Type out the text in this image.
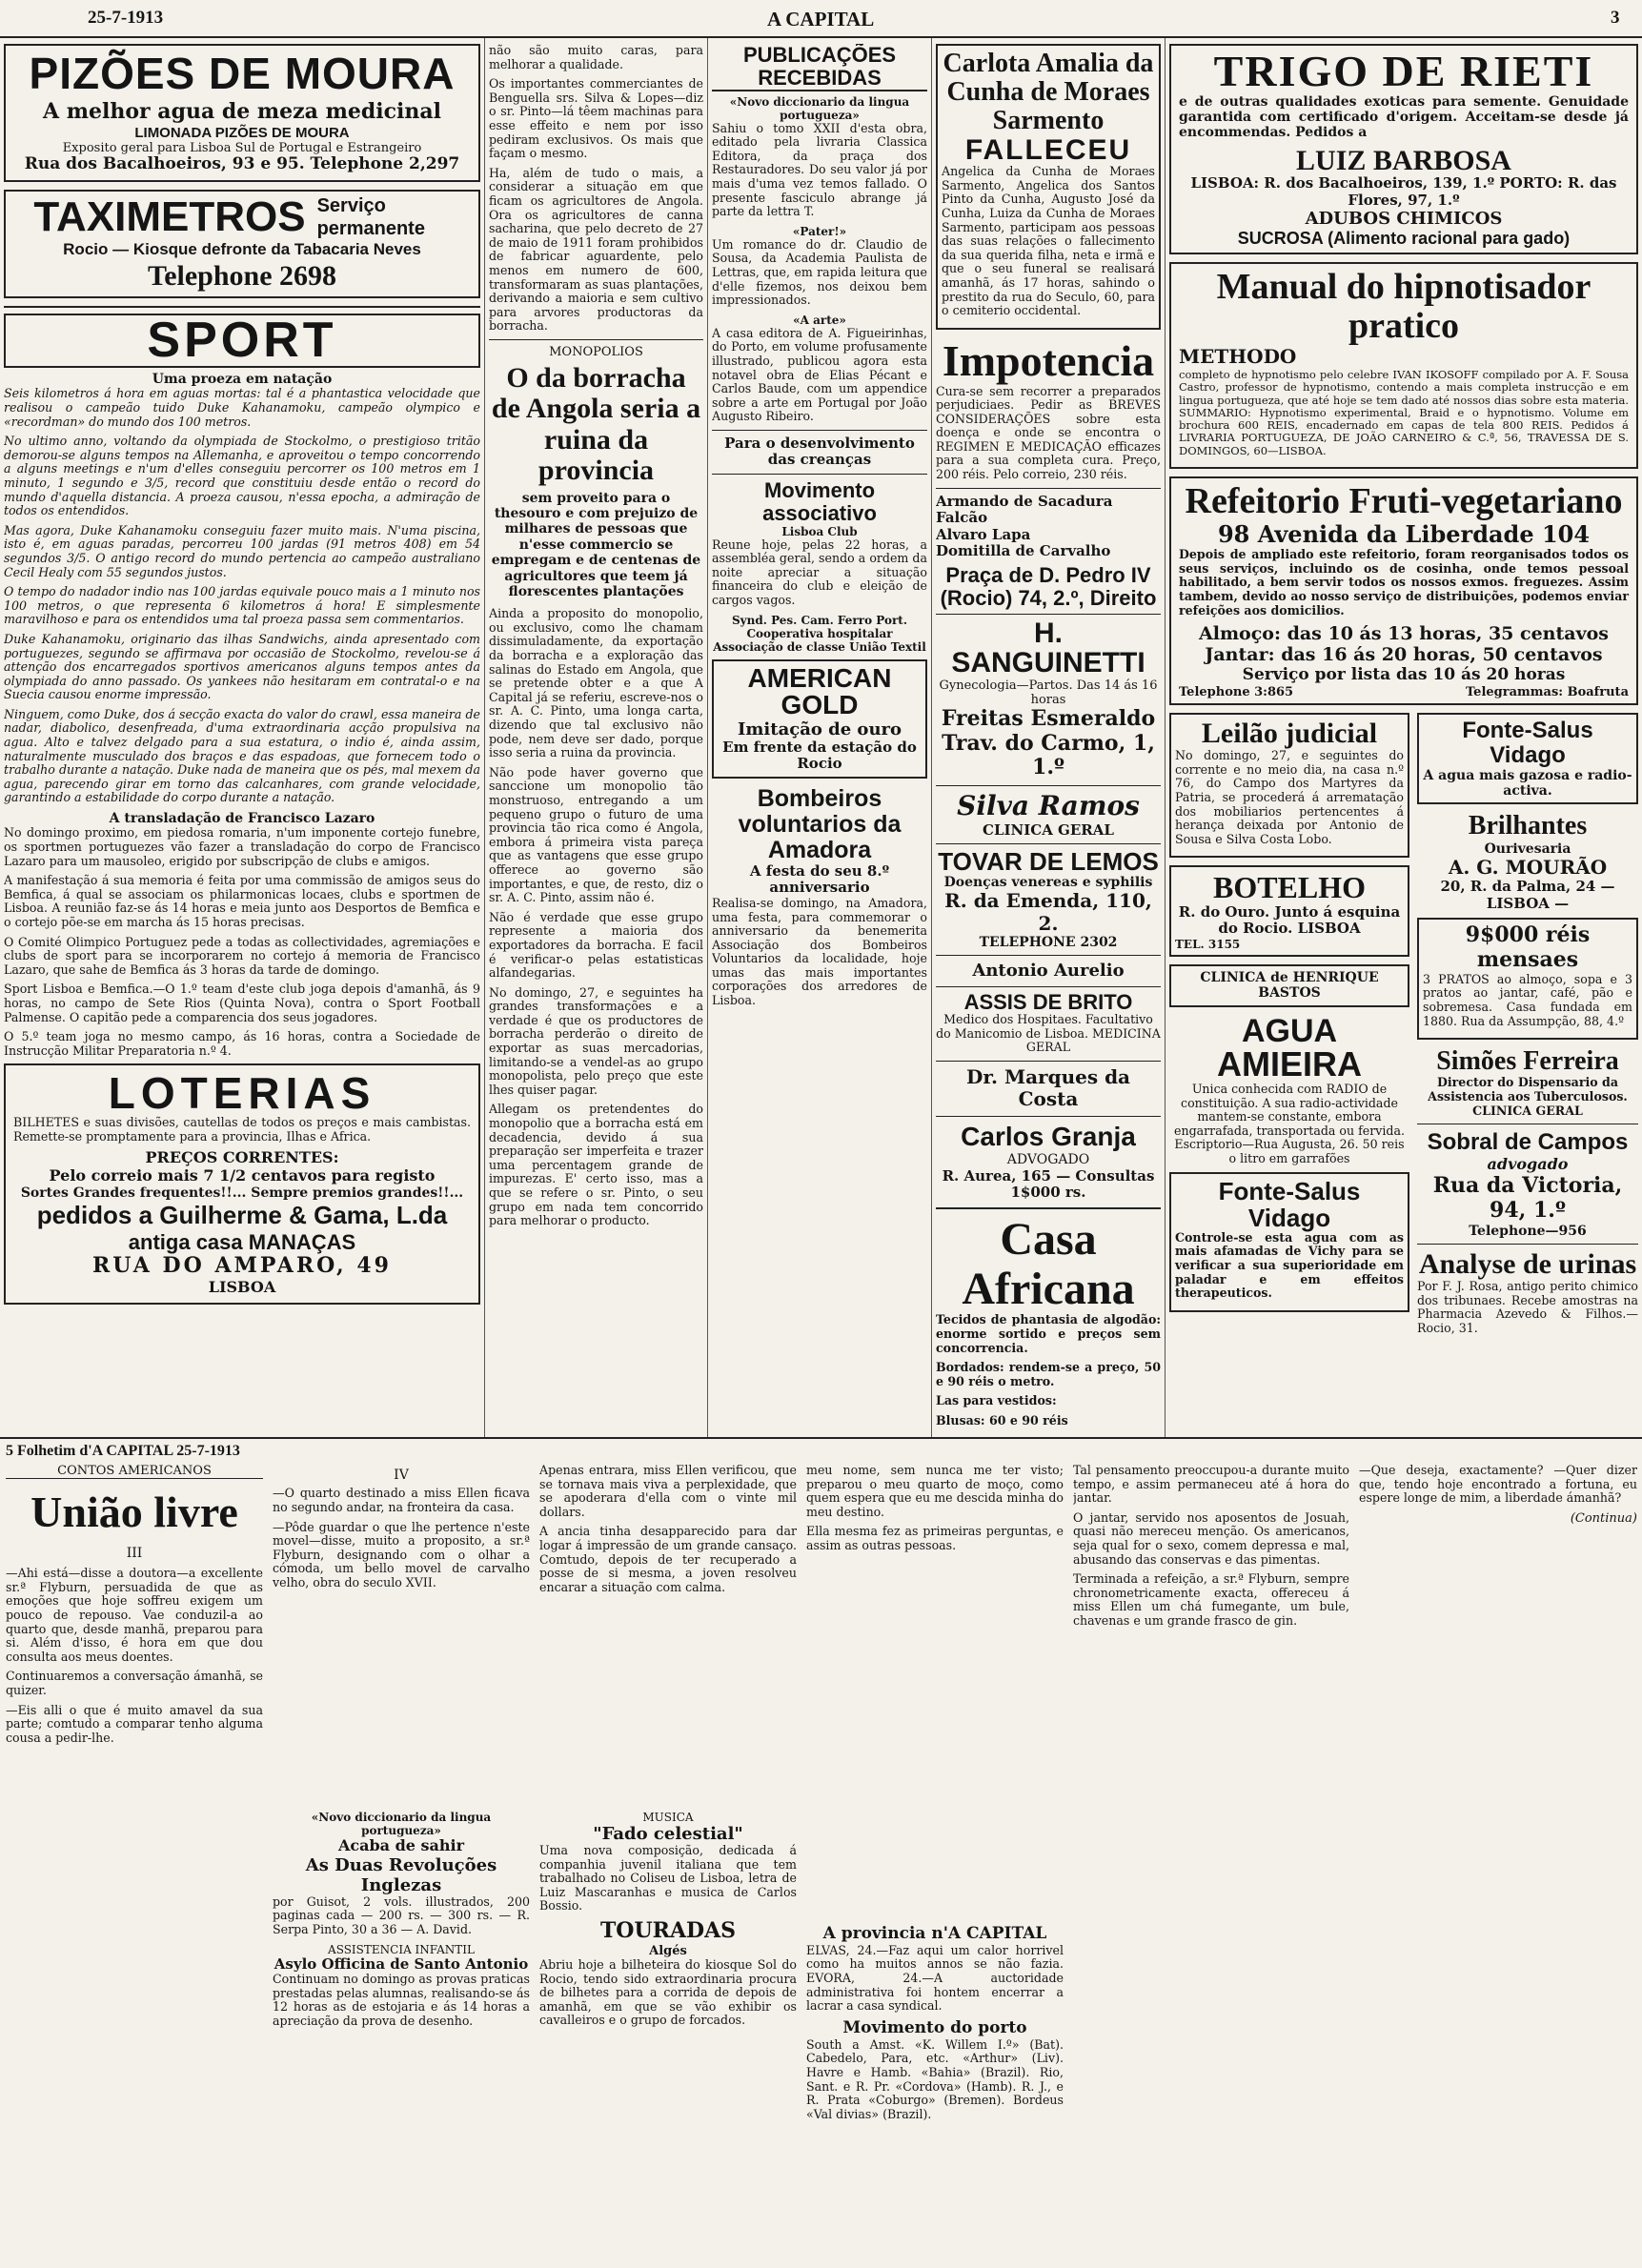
25-7-1913	A CAPITAL	3
PIZÕES DE MOURA
A melhor agua de meza medicinal
LIMONADA PIZÕES DE MOURA
Exposito geral para Lisboa Sul de Portugal e Estrangeiro
Rua dos Bacalhoeiros, 93 e 95. Telephone 2,297
TAXIMETROS Serviço permanente
Rocio — Kiosque defronte da Tabacaria Neves
Telephone 2698
SPORT
Uma proeza em natação

Seis kilometros á hora em aguas mortas: tal é a phantastica velocidade que realisou o campeão tuido Duke Kahanamoku, campeão olympico e «recordman» do mundo dos 100 metros.

No ultimo anno, voltando da olympiada de Stockolmo, o prestigioso tritão demorou-se alguns tempos na Allemanha, e aproveitou o tempo concorrendo a alguns meetings e n'um d'elles conseguiu percorrer os 100 metros em 1 minuto, 1 segundo e 3/5, record que constituiu desde então o record do mundo d'aquella distancia. A proeza causou, n'essa epocha, a admiração de todos os entendidos.

Mas agora, Duke Kahanamoku conseguiu fazer muito mais. N'uma piscina, isto é, em aguas paradas, percorreu 100 jardas (91 metros 408) em 54 segundos 3/5. O antigo record do mundo pertencia ao campeão australiano Cecil Healy com 55 segundos justos.

O tempo do nadador indio nas 100 jardas equivale pouco mais a 1 minuto nos 100 metros, o que representa 6 kilometros á hora! E simplesmente maravilhoso e para os entendidos uma tal proeza passa sem commentarios.

Duke Kahanamoku, originario das ilhas Sandwichs, ainda apresentado com portuguezes, segundo se affirmava por occasião de Stockolmo, revelou-se á attenção dos encarregados sportivos americanos alguns tempos antes da olympiada do anno passado. Os yankees não hesitaram em contratal-o e na Suecia causou enorme impressão.

Ninguem, como Duke, dos á secção exacta do valor do crawl, essa maneira de nadar, diabolico, desenfreada, d'uma extraordinaria acção propulsiva na agua. Alto e talvez delgado para a sua estatura, o indio é, ainda assim, naturalmente musculado dos braços e das espadoas, que fornecem todo o trabalho durante a natação. Duke nada de maneira que os pés, mal mexem da agua, parecendo girar em torno das calcanhares, com grande velocidade, garantindo a estabilidade do corpo durante a natação.

A transladação de Francisco Lazaro

No domingo proximo, em piedosa romaria, n'um imponente cortejo funebre, os sportmen portuguezes vão fazer a transladação do corpo de Francisco Lazaro para um mausoleo, erigido por subscripção de clubs e amigos.

A manifestação á sua memoria é feita por uma commissão de amigos seus do Bemfica, á qual se associam os philarmonicas locaes, clubs e sportmen de Lisboa. A reunião faz-se ás 14 horas e meia junto aos Desportos de Bemfica e o cortejo põe-se em marcha ás 15 horas precisas.

O Comité Olimpico Portuguez pede a todas as collectividades, agremiações e clubs de sport para se incorporarem no cortejo á memoria de Francisco Lazaro, que sahe de Bemfica ás 3 horas da tarde de domingo.

Sport Lisboa e Bemfica.—O 1.º team d'este club joga depois d'amanhã, ás 9 horas, no campo de Sete Rios (Quinta Nova), contra o Sport Football Palmense. O capitão pede a comparencia dos seus jogadores.

O 5.º team joga no mesmo campo, ás 16 horas, contra a Sociedade de Instrucção Militar Preparatoria n.º 4.

LOTERIAS

BILHETES e suas divisões, cautellas de todos os preços e mais cambistas. Remette-se promptamente para a provincia, Ilhas e Africa.

PREÇOS CORRENTES:
Pelo correio mais 7 1/2 centavos para registo
Sortes Grandes frequentes!!... Sempre premios grandes!!...
pedidos a Guilherme & Gama, L.da
antiga casa MANAÇAS
RUA DO AMPARO, 49
LISBOA

não são muito caras, para melhorar a qualidade.

Os importantes commerciantes de Benguella srs. Silva & Lopes—diz o sr. Pinto—lá têem machinas para esse effeito e nem por isso pediram exclusivos. Os mais que façam o mesmo.

Ha, além de tudo o mais, a considerar a situação em que ficam os agricultores de Angola. Ora os agricultores de canna sacharina, que pelo decreto de 27 de maio de 1911 foram prohibidos de fabricar aguardente, pelo menos em numero de 600, transformaram as suas plantações, derivando a maioria e sem cultivo para arvores productoras da borracha.

MONOPOLIOS
O da borracha de Angola seria a ruina da provincia
sem proveito para o thesouro e com prejuizo de milhares de pessoas que n'esse commercio se empregam e de centenas de agricultores que teem já florescentes plantações

Ainda a proposito do monopolio, ou exclusivo, como lhe chamam dissimuladamente, da exportação da borracha e a exploração das salinas do Estado em Angola, que se pretende obter e a que A Capital já se referiu, escreve-nos o sr. A. C. Pinto, uma longa carta, dizendo que tal exclusivo não pode, nem deve ser dado, porque isso seria a ruina da provincia.

Não pode haver governo que sanccione um monopolio tão monstruoso, entregando a um pequeno grupo o futuro de uma provincia tão rica como é Angola, embora á primeira vista pareça que as vantagens que esse grupo offerece ao governo são importantes, e que, de resto, diz o sr. A. C. Pinto, assim não é.

Não é verdade que esse grupo represente a maioria dos exportadores da borracha. E facil é verificar-o pelas estatisticas alfandegarias.

No domingo, 27, e seguintes ha grandes transformações e a verdade é que os productores de borracha perderão o direito de exportar as suas mercadorias, limitando-se a vendel-as ao grupo monopolista, pelo preço que este lhes quiser pagar.

Allegam os pretendentes do monopolio que a borracha está em decadencia, devido á sua preparação ser imperfeita e trazer uma percentagem grande de impurezas. E' certo isso, mas a que se refere o sr. Pinto, o seu grupo em nada tem concorrido para melhorar o producto.

PUBLICAÇÕES RECEBIDAS
«Novo diccionario da lingua portugueza»

Sahiu o tomo XXII d'esta obra, editado pela livraria Classica Editora, da praça dos Restauradores. Do seu valor já por mais d'uma vez temos fallado. O presente fasciculo abrange já parte da lettra T.

«Pater!»

Um romance do dr. Claudio de Sousa, da Academia Paulista de Lettras, que, em rapida leitura que d'elle fizemos, nos deixou bem impressionados.

«A arte»

A casa editora de A. Figueirinhas, do Porto, em volume profusamente illustrado, publicou agora esta notavel obra de Elias Pécant e Carlos Baude, com um appendice sobre a arte em Portugal por João Augusto Ribeiro.

Para o desenvolvimento das creanças
Movimento associativo
Lisboa Club

Reune hoje, pelas 22 horas, a assembléa geral, sendo a ordem da noite apreciar a situação financeira do club e eleição de cargos vagos.

Synd. Pes. Cam. Ferro Port.
Cooperativa hospitalar
Associação de classe União Textil
AMERICAN GOLD
Imitação de ouro
Em frente da estação do Rocio
Bombeiros voluntarios da Amadora
A festa do seu 8.º anniversario

Realisa-se domingo, na Amadora, uma festa, para commemorar o anniversario da benemerita Associação dos Bombeiros Voluntarios da localidade, hoje umas das mais importantes corporações dos arredores de Lisboa.

Carlota Amalia da Cunha de Moraes Sarmento
FALLECEU

Angelica da Cunha de Moraes Sarmento, Angelica dos Santos Pinto da Cunha, Augusto José da Cunha, Luiza da Cunha de Moraes Sarmento, participam aos pessoas das suas relações o fallecimento da sua querida filha, neta e irmã e que o seu funeral se realisará amanhã, ás 17 horas, sahindo o prestito da rua do Seculo, 60, para o cemiterio occidental.

Impotencia

Cura-se sem recorrer a preparados perjudiciaes. Pedir as BREVES CONSIDERAÇÕES sobre esta doença e onde se encontra o REGIMEN E MEDICAÇÃO efficazes para a sua completa cura. Preço, 200 réis. Pelo correio, 230 réis.

Armando de Sacadura Falcão
Alvaro Lapa
Domitilla de Carvalho
Praça de D. Pedro IV (Rocio) 74, 2.º, Direito
H. SANGUINETTI
Gynecologia—Partos. Das 14 ás 16 horas
Freitas Esmeraldo
Trav. do Carmo, 1, 1.º
Silva Ramos
CLINICA GERAL
TOVAR DE LEMOS
Doenças venereas e syphilis
R. da Emenda, 110, 2.
TELEPHONE 2302
Antonio Aurelio
ASSIS DE BRITO

Medico dos Hospitaes. Facultativo do Manicomio de Lisboa. MEDICINA GERAL

Dr. Marques da Costa
Carlos Granja
ADVOGADO
R. Aurea, 165 — Consultas 1$000 rs.
Casa Africana

Tecidos de phantasia de algodão: enorme sortido e preços sem concorrencia.

Bordados: rendem-se a preço, 50 e 90 réis o metro.

Las para vestidos:

Blusas: 60 e 90 réis

TRIGO DE RIETI

e de outras qualidades exoticas para semente. Genuidade garantida com certificado d'origem. Acceitam-se desde já encommendas. Pedidos a

LUIZ BARBOSA
LISBOA: R. dos Bacalhoeiros, 139, 1.º PORTO: R. das Flores, 97, 1.º
ADUBOS CHIMICOS
SUCROSA (Alimento racional para gado)
Manual do hipnotisador pratico
METHODO

completo de hypnotismo pelo celebre IVAN IKOSOFF compilado por A. F. Sousa Castro, professor de hypnotismo, contendo a mais completa instrucção e em lingua portugueza, que até hoje se tem dado até nossos dias sobre esta materia. SUMMARIO: Hypnotismo experimental, Braid e o hypnotismo. Volume em brochura 600 REIS, encadernado em capas de tela 800 REIS. Pedidos á LIVRARIA PORTUGUEZA, DE JOÃO CARNEIRO & C.ª, 56, TRAVESSA DE S. DOMINGOS, 60—LISBOA.

Refeitorio Fruti-vegetariano
98 Avenida da Liberdade 104

Depois de ampliado este refeitorio, foram reorganisados todos os seus serviços, incluindo os de cosinha, onde temos pessoal habilitado, a bem servir todos os nossos exmos. freguezes. Assim tambem, devido ao nosso serviço de distribuições, podemos enviar refeições aos domicilios.

Almoço: das 10 ás 13 horas, 35 centavos
Jantar: das 16 ás 20 horas, 50 centavos
Serviço por lista das 10 ás 20 horas
Telephone 3:865	Telegrammas: Boafruta
Leilão judicial

No domingo, 27, e seguintes do corrente e no meio dia, na casa n.º 76, do Campo dos Martyres da Patria, se procederá á arrematação dos mobiliarios pertencentes á herança deixada por Antonio de Sousa e Silva Costa Lobo.

BOTELHO
R. do Ouro. Junto á esquina do Rocio. LISBOA
TEL. 3155
CLINICA de HENRIQUE BASTOS
AGUA
AMIEIRA

Unica conhecida com RADIO de constituição. A sua radio-actividade mantem-se constante, embora engarrafada, transportada ou fervida. Escriptorio—Rua Augusta, 26. 50 reis o litro em garrafões

Fonte-Salus Vidago

Controle-se esta agua com as mais afamadas de Vichy para se verificar a sua superioridade em paladar e em effeitos therapeuticos.

Fonte-Salus Vidago
A agua mais gazosa e radio-activa.
Brilhantes
Ourivesaria
A. G. MOURÃO
20, R. da Palma, 24 — LISBOA —
9$000 réis mensaes

3 PRATOS ao almoço, sopa e 3 pratos ao jantar, café, pão e sobremesa. Casa fundada em 1880. Rua da Assumpção, 88, 4.º

Simões Ferreira

Director do Dispensario da Assistencia aos Tuberculosos. CLINICA GERAL

Sobral de Campos
advogado
Rua da Victoria, 94, 1.º
Telephone—956
Analyse de urinas

Por F. J. Rosa, antigo perito chimico dos tribunaes. Recebe amostras na Pharmacia Azevedo & Filhos.—Rocio, 31.

5 Folhetim d'A CAPITAL 25-7-1913
CONTOS AMERICANOS
União livre
III

—Ahi está—disse a doutora—a excellente sr.ª Flyburn, persuadida de que as emoções que hoje soffreu exigem um pouco de repouso. Vae conduzil-a ao quarto que, desde manhã, preparou para si. Além d'isso, é hora em que dou consulta aos meus doentes.

Continuaremos a conversação ámanhã, se quizer.

—Eis alli o que é muito amavel da sua parte; comtudo a comparar tenho alguma cousa a pedir-lhe.

IV

—O quarto destinado a miss Ellen ficava no segundo andar, na fronteira da casa.

—Pôde guardar o que lhe pertence n'este movel—disse, muito a proposito, a sr.ª Flyburn, designando com o olhar a cómoda, um bello movel de carvalho velho, obra do seculo XVII.

Apenas entrara, miss Ellen verificou, que se tornava mais viva a perplexidade, que se apoderara d'ella com o vinte mil dollars.

A ancia tinha desapparecido para dar logar á impressão de um grande cansaço. Comtudo, depois de ter recuperado a posse de si mesma, a joven resolveu encarar a situação com calma.

meu nome, sem nunca me ter visto; preparou o meu quarto de moço, como quem espera que eu me descida minha do meu destino.

Ella mesma fez as primeiras perguntas, e assim as outras pessoas.

Tal pensamento preoccupou-a durante muito tempo, e assim permaneceu até á hora do jantar.

O jantar, servido nos aposentos de Josuah, quasi não mereceu menção. Os americanos, seja qual for o sexo, comem depressa e mal, abusando das conservas e das pimentas.

Terminada a refeição, a sr.ª Flyburn, sempre chronometricamente exacta, offereceu á miss Ellen um chá fumegante, um bule, chavenas e um grande frasco de gin.

—Que deseja, exactamente? —Quer dizer que, tendo hoje encontrado a fortuna, eu espere longe de mim, a liberdade ámanhã?

(Continua)
«Novo diccionario da lingua portugueza»
Acaba de sahir
As Duas Revoluções Inglezas

por Guisot, 2 vols. illustrados, 200 paginas cada — 200 rs. — 300 rs. — R. Serpa Pinto, 30 a 36 — A. David.

ASSISTENCIA INFANTIL
Asylo Officina de Santo Antonio

Continuam no domingo as provas praticas prestadas pelas alumnas, realisando-se ás 12 horas as de estojaria e ás 14 horas a apreciação da prova de desenho.

MUSICA
"Fado celestial"

Uma nova composição, dedicada á companhia juvenil italiana que tem trabalhado no Coliseu de Lisboa, letra de Luiz Mascaranhas e musica de Carlos Bossio.

TOURADAS
Algés

Abriu hoje a bilheteira do kiosque Sol do Rocio, tendo sido extraordinaria procura de bilhetes para a corrida de depois de amanhã, em que se vão exhibir os cavalleiros e o grupo de forcados.

A provincia n'A CAPITAL

ELVAS, 24.—Faz aqui um calor horrivel como ha muitos annos se não fazia. EVORA, 24.—A auctoridade administrativa foi hontem encerrar a lacrar a casa syndical.

Movimento do porto

South a Amst. «K. Willem I.º» (Bat). Cabedelo, Para, etc. «Arthur» (Liv). Havre e Hamb. «Bahia» (Brazil). Rio, Sant. e R. Pr. «Cordova» (Hamb). R. J., e R. Prata «Coburgo» (Bremen). Bordeus «Val divias» (Brazil).
